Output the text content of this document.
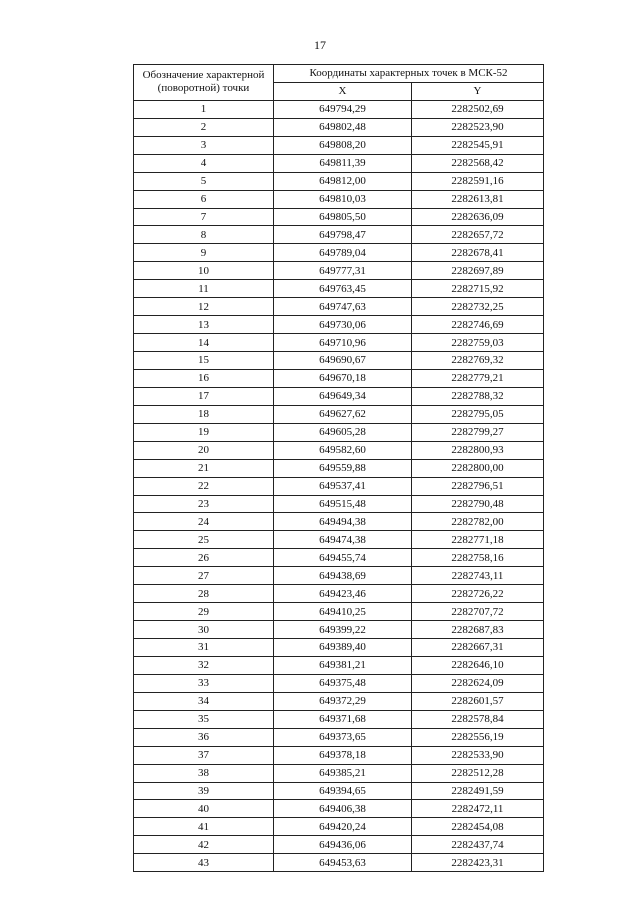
17
Обозначение характерной (поворотной) точки	Координаты характерных точек в МСК-52	
	X	Y
1	649794,29	2282502,69
2	649802,48	2282523,90
3	649808,20	2282545,91
4	649811,39	2282568,42
5	649812,00	2282591,16
6	649810,03	2282613,81
7	649805,50	2282636,09
8	649798,47	2282657,72
9	649789,04	2282678,41
10	649777,31	2282697,89
11	649763,45	2282715,92
12	649747,63	2282732,25
13	649730,06	2282746,69
14	649710,96	2282759,03
15	649690,67	2282769,32
16	649670,18	2282779,21
17	649649,34	2282788,32
18	649627,62	2282795,05
19	649605,28	2282799,27
20	649582,60	2282800,93
21	649559,88	2282800,00
22	649537,41	2282796,51
23	649515,48	2282790,48
24	649494,38	2282782,00
25	649474,38	2282771,18
26	649455,74	2282758,16
27	649438,69	2282743,11
28	649423,46	2282726,22
29	649410,25	2282707,72
30	649399,22	2282687,83
31	649389,40	2282667,31
32	649381,21	2282646,10
33	649375,48	2282624,09
34	649372,29	2282601,57
35	649371,68	2282578,84
36	649373,65	2282556,19
37	649378,18	2282533,90
38	649385,21	2282512,28
39	649394,65	2282491,59
40	649406,38	2282472,11
41	649420,24	2282454,08
42	649436,06	2282437,74
43	649453,63	2282423,31
